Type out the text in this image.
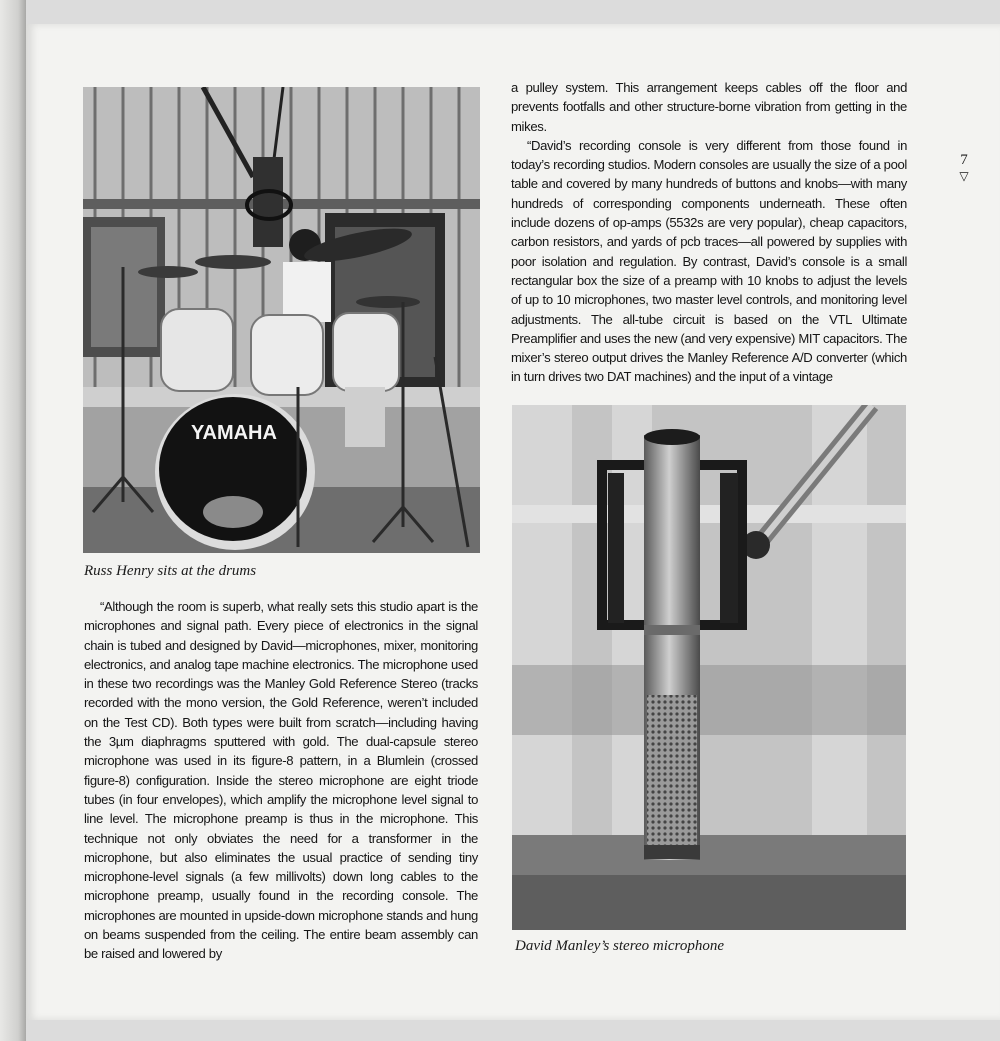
YAMAHA
Russ Henry sits at the drums

“Although the room is superb, what really sets this studio apart is the microphones and signal path. Every piece of electronics in the signal chain is tubed and designed by David—microphones, mixer, monitoring electronics, and analog tape machine electronics. The microphone used in these two recordings was the Manley Gold Reference Stereo (tracks recorded with the mono version, the Gold Reference, weren’t included on the Test CD). Both types were built from scratch—including having the 3µm diaphragms sputtered with gold. The dual-capsule stereo microphone was used in its figure-8 pattern, in a Blumlein (crossed figure-8) configuration. Inside the stereo microphone are eight triode tubes (in four envelopes), which amplify the microphone level signal to line level. The microphone preamp is thus in the microphone. This technique not only obviates the need for a transformer in the microphone, but also eliminates the usual practice of sending tiny microphone-level signals (a few millivolts) down long cables to the microphone preamp, usually found in the recording console. The microphones are mounted in upside-down microphone stands and hung on beams suspended from the ceiling. The entire beam assembly can be raised and lowered by

a pulley system. This arrangement keeps cables off the floor and prevents footfalls and other structure-borne vibration from getting in the mikes.

“David’s recording console is very different from those found in today’s recording studios. Modern consoles are usually the size of a pool table and covered by many hundreds of buttons and knobs—with many hundreds of corresponding components underneath. These often include dozens of op-amps (5532s are very popular), cheap capacitors, carbon resistors, and yards of pcb traces—all powered by supplies with poor isolation and regulation. By contrast, David’s console is a small rectangular box the size of a preamp with 10 knobs to adjust the levels of up to 10 microphones, two master level controls, and monitoring level adjustments. The all-tube circuit is based on the VTL Ultimate Preamplifier and uses the new (and very expensive) MIT capacitors. The mixer’s stereo output drives the Manley Reference A/D converter (which in turn drives two DAT machines) and the input of a vintage

7
▽
David Manley’s stereo microphone
